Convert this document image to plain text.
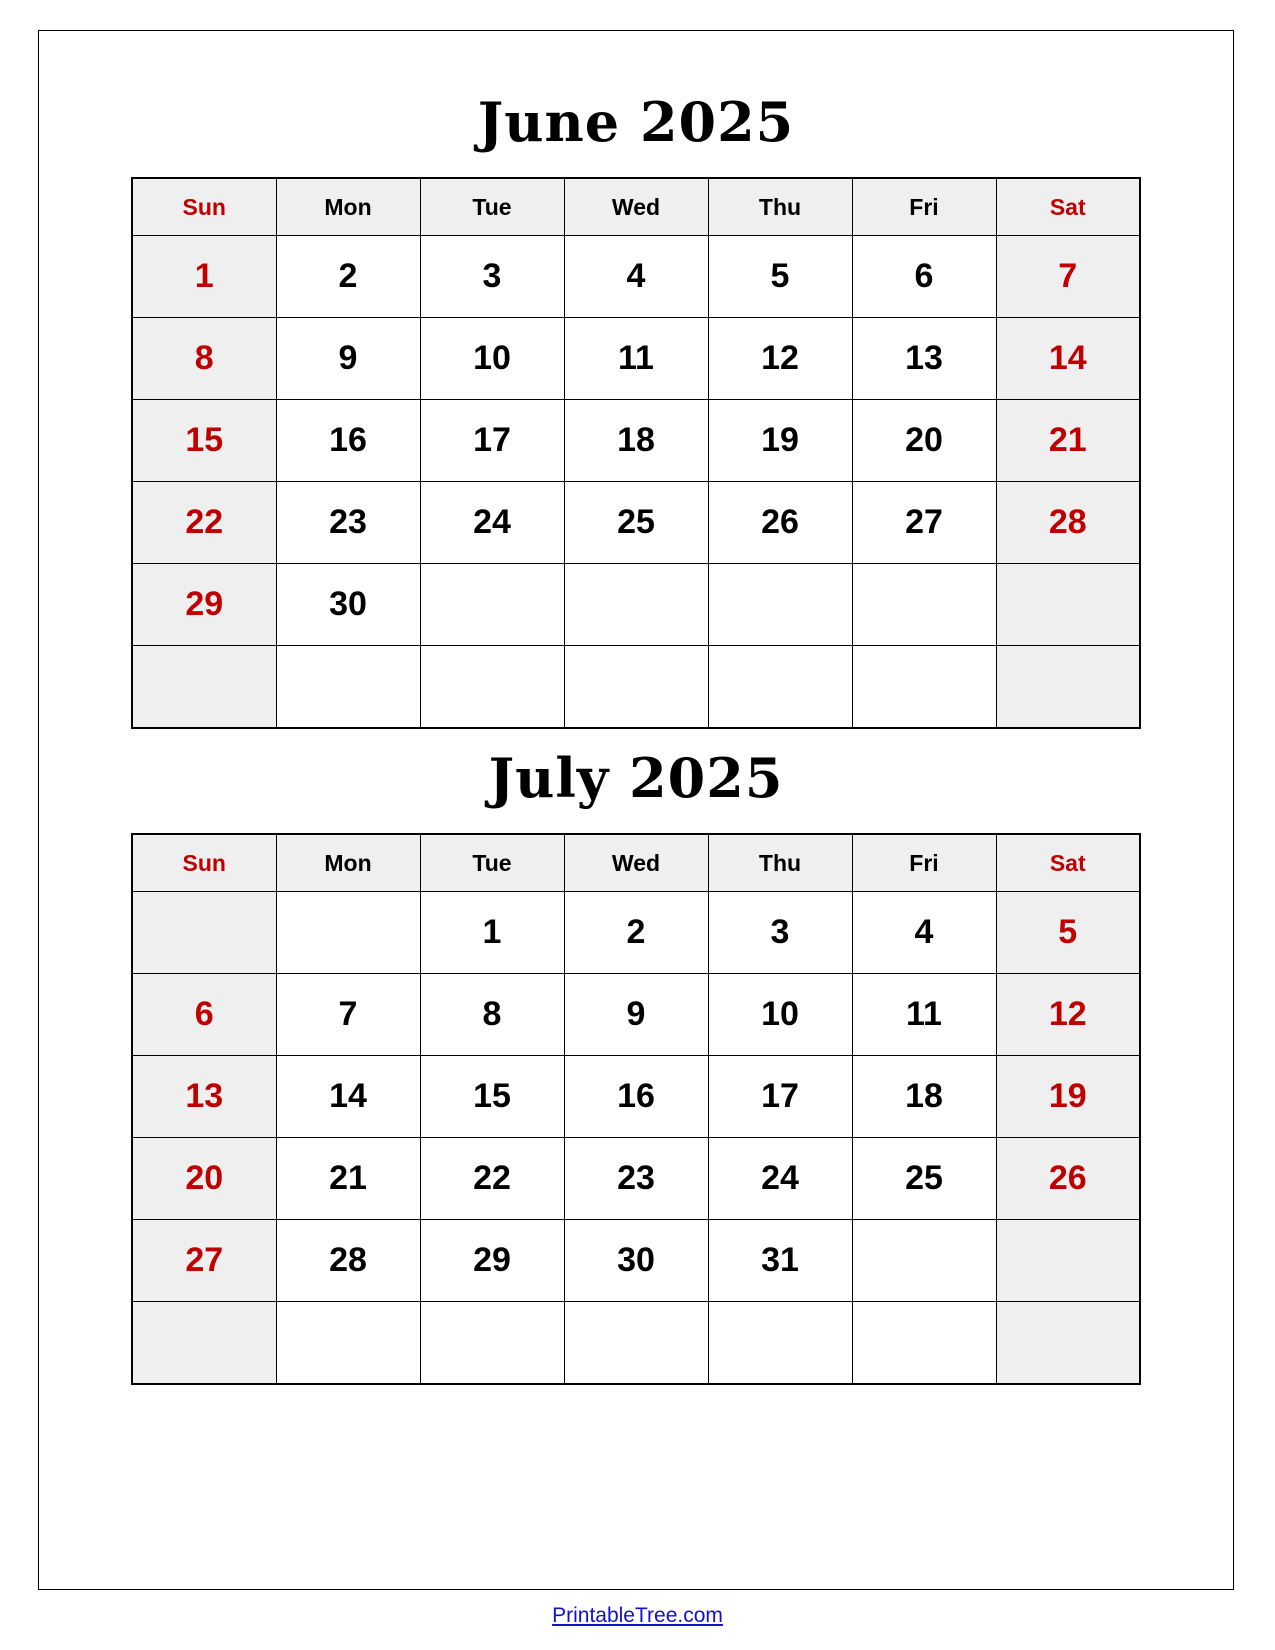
June 2025
Sun	Mon	Tue	Wed	Thu	Fri	Sat
1	2	3	4	5	6	7
8	9	10	11	12	13	14
15	16	17	18	19	20	21
22	23	24	25	26	27	28
29	30					

July 2025
Sun	Mon	Tue	Wed	Thu	Fri	Sat
		1	2	3	4	5
6	7	8	9	10	11	12
13	14	15	16	17	18	19
20	21	22	23	24	25	26
27	28	29	30	31		

PrintableTree.com
